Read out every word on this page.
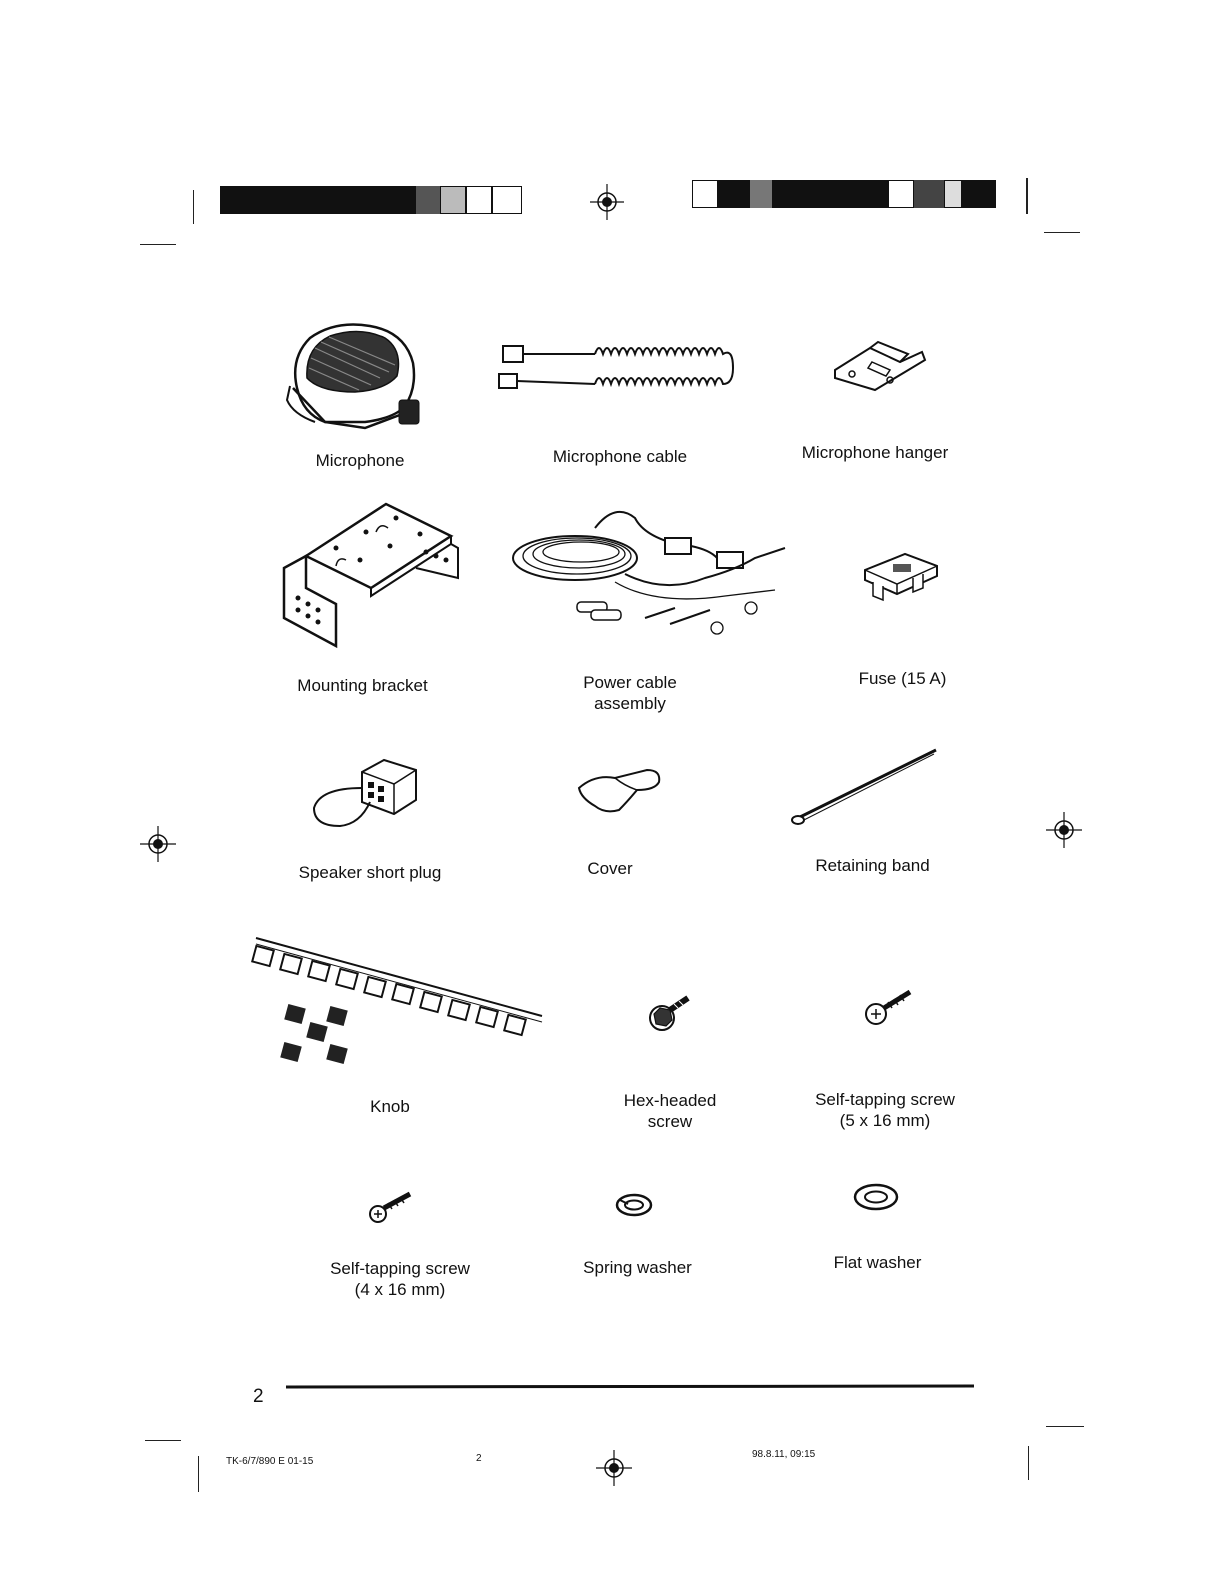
Microphone	Microphone cable	Microphone hanger
Mounting bracket	Power cable
assembly
Fuse (15 A)
Speaker short plug	Cover	Retaining band
Knob	Hex-headed
screw
Self-tapping screw
(5 x 16 mm)
Self-tapping screw
(4 x 16 mm)
Spring washer	Flat washer
2
TK-6/7/890 E 01-15	2	98.8.11, 09:15
